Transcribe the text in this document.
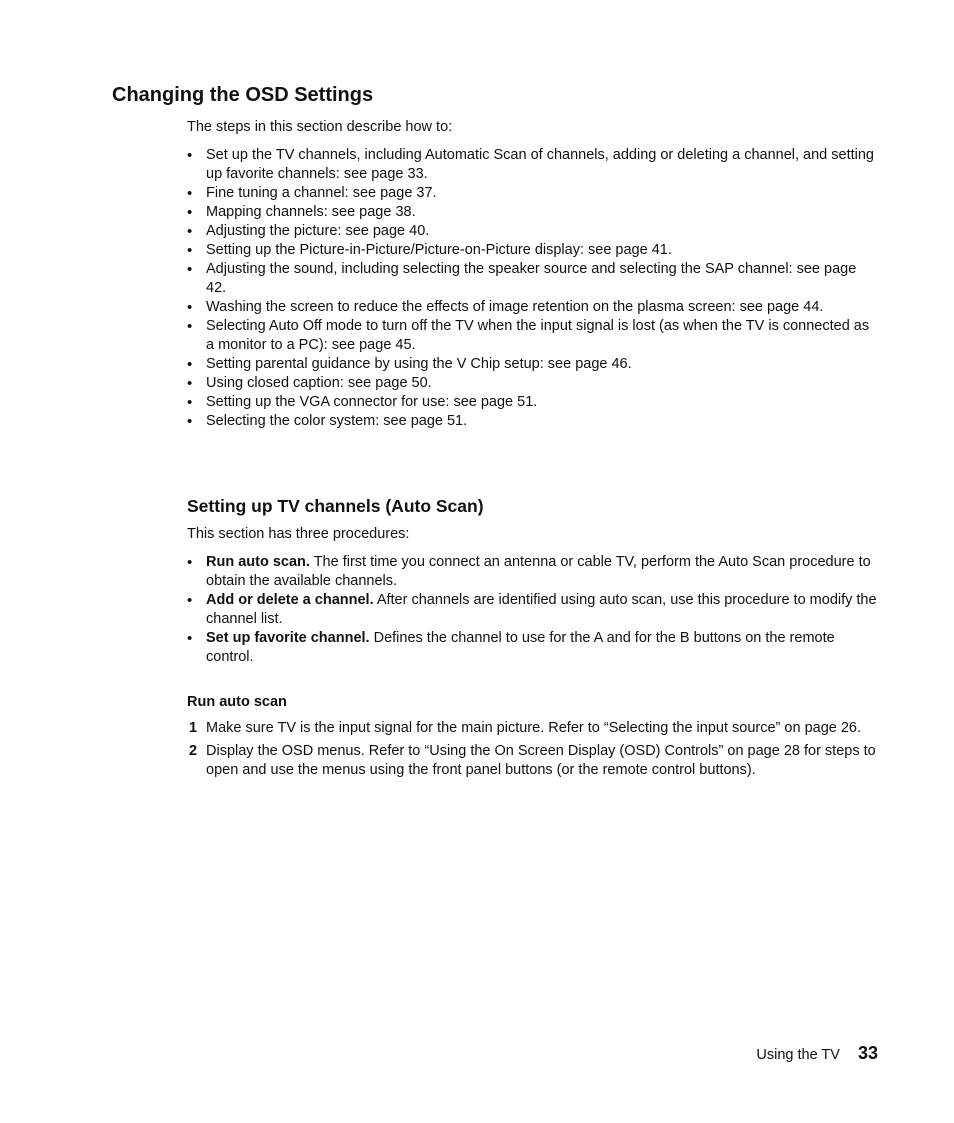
Changing the OSD Settings

The steps in this section describe how to:

• Set up the TV channels, including Automatic Scan of channels, adding or deleting a channel, and setting up favorite channels: see page 33.
• Fine tuning a channel: see page 37.
• Mapping channels: see page 38.
• Adjusting the picture: see page 40.
• Setting up the Picture-in-Picture/Picture-on-Picture display: see page 41.
• Adjusting the sound, including selecting the speaker source and selecting the SAP channel: see page 42.
• Washing the screen to reduce the effects of image retention on the plasma screen: see page 44.
• Selecting Auto Off mode to turn off the TV when the input signal is lost (as when the TV is connected as a monitor to a PC): see page 45.
• Setting parental guidance by using the V Chip setup: see page 46.
• Using closed caption: see page 50.
• Setting up the VGA connector for use: see page 51.
• Selecting the color system: see page 51.
Setting up TV channels (Auto Scan)

This section has three procedures:

• Run auto scan. The first time you connect an antenna or cable TV, perform the Auto Scan procedure to obtain the available channels.
• Add or delete a channel. After channels are identified using auto scan, use this procedure to modify the channel list.
• Set up favorite channel. Defines the channel to use for the A and for the B buttons on the remote control.
Run auto scan
1 Make sure TV is the input signal for the main picture. Refer to “Selecting the input source” on page 26.
2 Display the OSD menus. Refer to “Using the On Screen Display (OSD) Controls” on page 28 for steps to open and use the menus using the front panel buttons (or the remote control buttons).
Using the TV 33
